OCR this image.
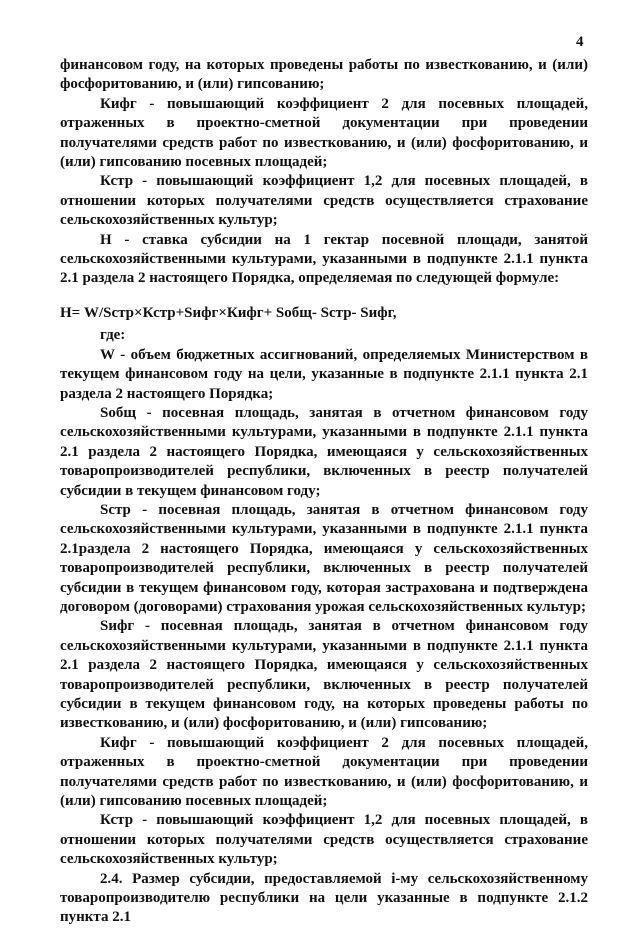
4

финансовом году, на которых проведены работы по известкованию, и (или) фосфоритованию, и (или) гипсованию;

Кифг - повышающий коэффициент 2 для посевных площадей, отраженных в проектно-сметной документации при проведении получателями средств работ по известкованию, и (или) фосфоритованию, и (или) гипсованию посевных площадей;

Кстр - повышающий коэффициент 1,2 для посевных площадей, в отношении которых получателями средств осуществляется страхование сельскохозяйственных культур;

Н - ставка субсидии на 1 гектар посевной площади, занятой сельскохозяйственными культурами, указанными в подпункте 2.1.1 пункта 2.1 раздела 2 настоящего Порядка, определяемая по следующей формуле:

Н= W/Sстр×Кстр+Sифг×Кифг+ Sобщ- Sстр- Sифг,

где:

W - объем бюджетных ассигнований, определяемых Министерством в текущем финансовом году на цели, указанные в подпункте 2.1.1 пункта 2.1 раздела 2 настоящего Порядка;

Sобщ - посевная площадь, занятая в отчетном финансовом году сельскохозяйственными культурами, указанными в подпункте 2.1.1 пункта 2.1 раздела 2 настоящего Порядка, имеющаяся у сельскохозяйственных товаропроизводителей республики, включенных в реестр получателей субсидии в текущем финансовом году;

Sстр - посевная площадь, занятая в отчетном финансовом году сельскохозяйственными культурами, указанными в подпункте 2.1.1 пункта 2.1раздела 2 настоящего Порядка, имеющаяся у сельскохозяйственных товаропроизводителей республики, включенных в реестр получателей субсидии в текущем финансовом году, которая застрахована и подтверждена договором (договорами) страхования урожая сельскохозяйственных культур;

Sифг - посевная площадь, занятая в отчетном финансовом году сельскохозяйственными культурами, указанными в подпункте 2.1.1 пункта 2.1 раздела 2 настоящего Порядка, имеющаяся у сельскохозяйственных товаропроизводителей республики, включенных в реестр получателей субсидии в текущем финансовом году, на которых проведены работы по известкованию, и (или) фосфоритованию, и (или) гипсованию;

Кифг - повышающий коэффициент 2 для посевных площадей, отраженных в проектно-сметной документации при проведении получателями средств работ по известкованию, и (или) фосфоритованию, и (или) гипсованию посевных площадей;

Кстр - повышающий коэффициент 1,2 для посевных площадей, в отношении которых получателями средств осуществляется страхование сельскохозяйственных культур;

2.4. Размер субсидии, предоставляемой i-му сельскохозяйственному товаропроизводителю республики на цели указанные в подпункте 2.1.2 пункта 2.1
